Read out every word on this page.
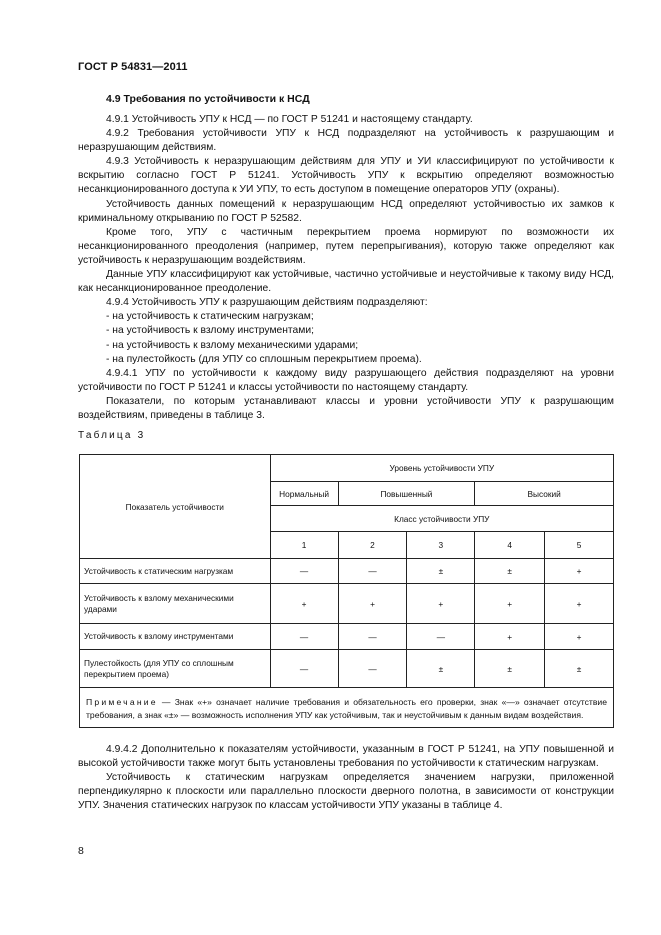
ГОСТ Р 54831—2011
4.9 Требования по устойчивости к НСД

4.9.1 Устойчивость УПУ к НСД — по ГОСТ Р 51241 и настоящему стандарту.

4.9.2 Требования устойчивости УПУ к НСД подразделяют на устойчивость к разрушающим и неразрушающим действиям.

4.9.3 Устойчивость к неразрушающим действиям для УПУ и УИ классифицируют по устойчивости к вскрытию согласно ГОСТ Р 51241. Устойчивость УПУ к вскрытию определяют возможностью несанкционированного доступа к УИ УПУ, то есть доступом в помещение операторов УПУ (охраны).

Устойчивость данных помещений к неразрушающим НСД определяют устойчивостью их замков к криминальному открыванию по ГОСТ Р 52582.

Кроме того, УПУ с частичным перекрытием проема нормируют по возможности их несанкционированного преодоления (например, путем перепрыгивания), которую также определяют как устойчивость к неразрушающим воздействиям.

Данные УПУ классифицируют как устойчивые, частично устойчивые и неустойчивые к такому виду НСД, как несанкционированное преодоление.

4.9.4 Устойчивость УПУ к разрушающим действиям подразделяют:

- на устойчивость к статическим нагрузкам;

- на устойчивость к взлому инструментами;

- на устойчивость к взлому механическими ударами;

- на пулестойкость (для УПУ со сплошным перекрытием проема).

4.9.4.1 УПУ по устойчивости к каждому виду разрушающего действия подразделяют на уровни устойчивости по ГОСТ Р 51241 и классы устойчивости по настоящему стандарту.

Показатели, по которым устанавливают классы и уровни устойчивости УПУ к разрушающим воздействиям, приведены в таблице 3.

Таблица 3
Показатель устойчивости	Уровень устойчивости УПУ				
	Нормальный	Повышенный		Высокий	
	Класс устойчивости УПУ				
	1	2	3	4	5
Устойчивость к статическим нагрузкам	—	—	±	±	+
Устойчивость к взлому механическими ударами	+	+	+	+	+
Устойчивость к взлому инструментами	—	—	—	+	+
Пулестойкость (для УПУ со сплошным перекрытием проема)	—	—	±	±	±
Примечание — Знак «+» означает наличие требования и обязательность его проверки, знак «—» означает отсутствие требования, а знак «±» — возможность исполнения УПУ как устойчивым, так и неустойчивым к данным видам воздействия.					

4.9.4.2 Дополнительно к показателям устойчивости, указанным в ГОСТ Р 51241, на УПУ повышенной и высокой устойчивости также могут быть установлены требования по устойчивости к статическим нагрузкам.

Устойчивость к статическим нагрузкам определяется значением нагрузки, приложенной перпендикулярно к плоскости или параллельно плоскости дверного полотна, в зависимости от конструкции УПУ. Значения статических нагрузок по классам устойчивости УПУ указаны в таблице 4.

8
